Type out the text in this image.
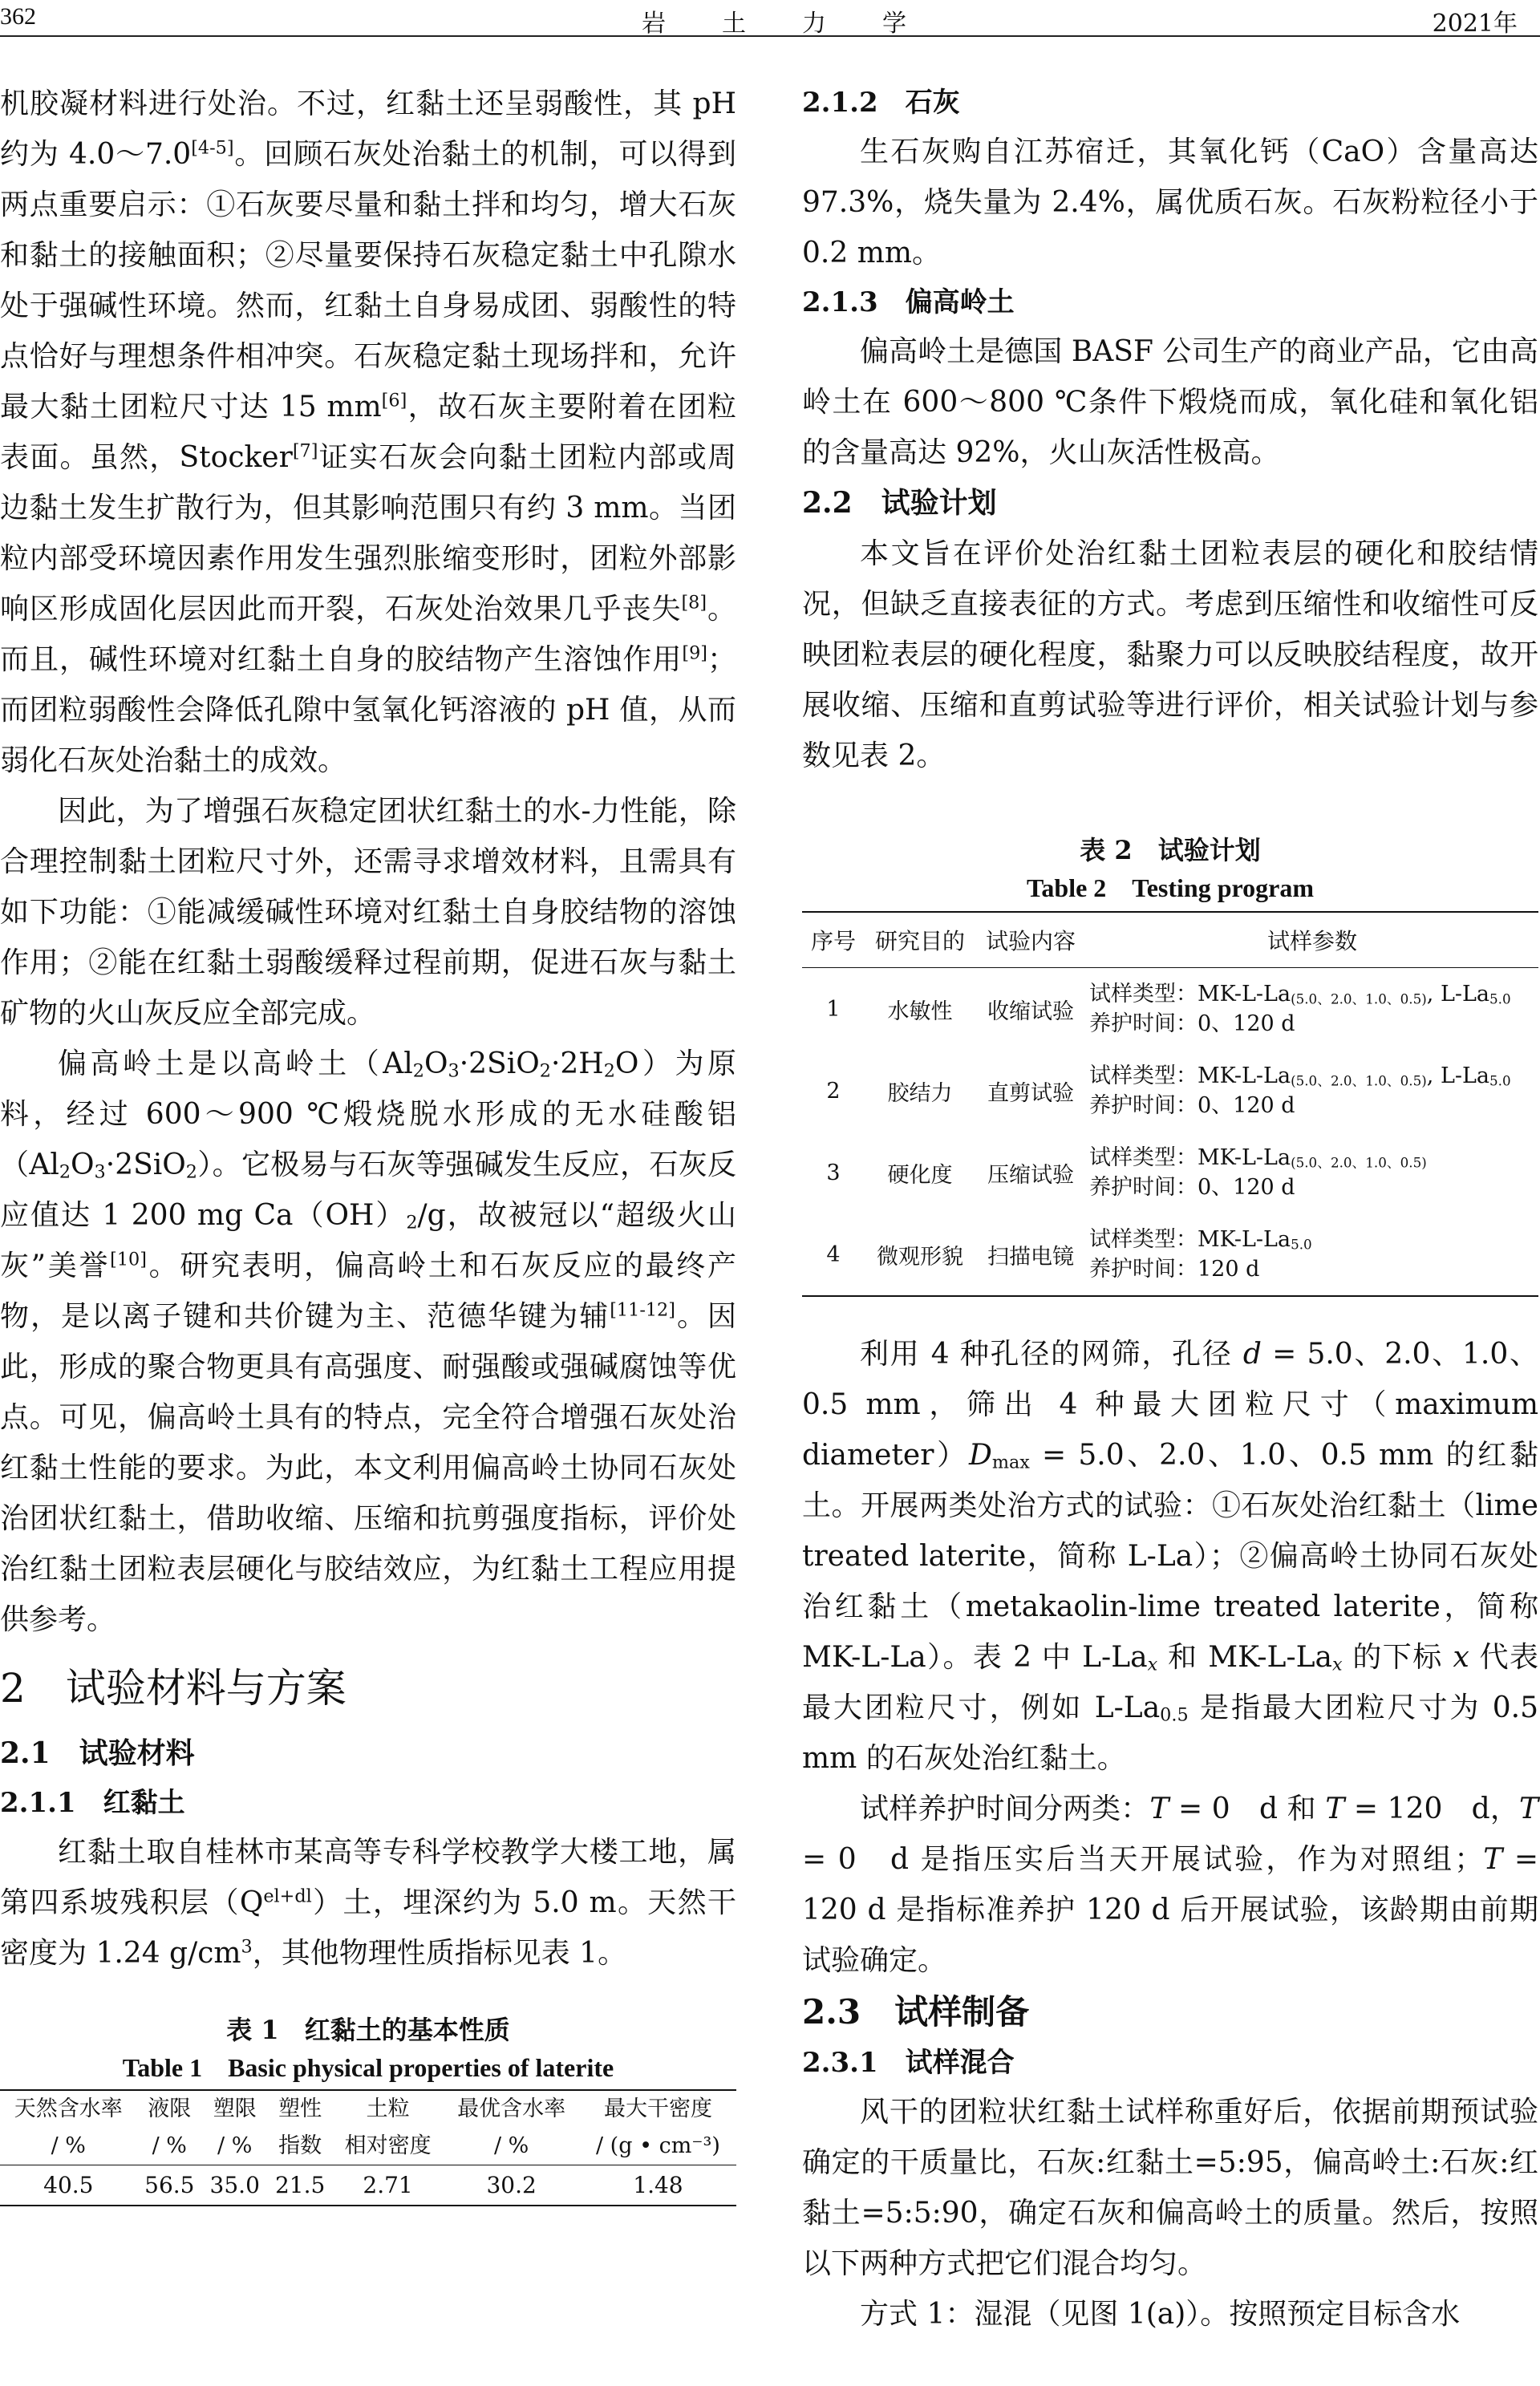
362	岩土力学	2021年

机胶凝材料进行处治。不过，红黏土还呈弱酸性，其 pH 约为 4.0～7.0[4-5]。回顾石灰处治黏土的机制，可以得到两点重要启示：①石灰要尽量和黏土拌和均匀，增大石灰和黏土的接触面积；②尽量要保持石灰稳定黏土中孔隙水处于强碱性环境。然而，红黏土自身易成团、弱酸性的特点恰好与理想条件相冲突。石灰稳定黏土现场拌和，允许最大黏土团粒尺寸达 15 mm[6]，故石灰主要附着在团粒表面。虽然，Stocker[7]证实石灰会向黏土团粒内部或周边黏土发生扩散行为，但其影响范围只有约 3 mm。当团粒内部受环境因素作用发生强烈胀缩变形时，团粒外部影响区形成固化层因此而开裂，石灰处治效果几乎丧失[8]。而且，碱性环境对红黏土自身的胶结物产生溶蚀作用[9]；而团粒弱酸性会降低孔隙中氢氧化钙溶液的 pH 值，从而弱化石灰处治黏土的成效。

因此，为了增强石灰稳定团状红黏土的水-力性能，除合理控制黏土团粒尺寸外，还需寻求增效材料，且需具有如下功能：①能减缓碱性环境对红黏土自身胶结物的溶蚀作用；②能在红黏土弱酸缓释过程前期，促进石灰与黏土矿物的火山灰反应全部完成。

偏高岭土是以高岭土$(Al_2O_3\cdot 2SiO_2\cdot 2H_2O)$为原料，经过 600～900 ℃煅烧脱水形成的无水硅酸铝$(Al_2O_3\cdot 2SiO_2)$。它极易与石灰等强碱发生反应，石灰反应值达 1 200 mg $Ca(OH)_2/g$，故被冠以“超级火山灰”美誉[10]。研究表明，偏高岭土和石灰反应的最终产物，是以离子键和共价键为主、范德华键为辅[11-12]。因此，形成的聚合物更具有高强度、耐强酸或强碱腐蚀等优点。可见，偏高岭土具有的特点，完全符合增强石灰处治红黏土性能的要求。为此，本文利用偏高岭土协同石灰处治团状红黏土，借助收缩、压缩和抗剪强度指标，评价处治红黏土团粒表层硬化与胶结效应，为红黏土工程应用提供参考。

2　试验材料与方案
2.1　试验材料
2.1.1　红黏土

红黏土取自桂林市某高等专科学校教学大楼工地，属第四系坡残积层$(Q^{el+dl})$土，埋深约为 5.0 m。天然干密度为 1.24 $g/cm^3$，其他物理性质指标见表 1。

表 1　红黏土的基本性质

Table 1　Basic physical properties of laterite

天然含水率	液限	塑限	塑性	土粒	最优含水率	最大干密度
/ %	/ %	/ %	指数	相对密度	/ %	/ (g • cm⁻³)
40.5	56.5	35.0	21.5	2.71	30.2	1.48
2.1.2　石灰

生石灰购自江苏宿迁，其氧化钙（CaO）含量高达 97.3%，烧失量为 2.4%，属优质石灰。石灰粉粒径小于 0.2 mm。

2.1.3　偏高岭土

偏高岭土是德国 BASF 公司生产的商业产品，它由高岭土在 600～800 ℃条件下煅烧而成，氧化硅和氧化铝的含量高达 92%，火山灰活性极高。

2.2　试验计划

本文旨在评价处治红黏土团粒表层的硬化和胶结情况，但缺乏直接表征的方式。考虑到压缩性和收缩性可反映团粒表层的硬化程度，黏聚力可以反映胶结程度，故开展收缩、压缩和直剪试验等进行评价，相关试验计划与参数见表 2。

表 2　试验计划

Table 2　Testing program

序号	研究目的	试验内容	试样参数
1	水敏性	收缩试验	试样类型：$MK-L-La_{(5.0、2.0、1.0、0.5)}$, $L-La_{5.0}$
养护时间：0、120 d

2	胶结力	直剪试验	试样类型：$MK-L-La_{(5.0、2.0、1.0、0.5)}$, $L-La_{5.0}$
养护时间：0、120 d

3	硬化度	压缩试验	试样类型：$MK-L-La_{(5.0、2.0、1.0、0.5)}$
养护时间：0、120 d

4	微观形貌	扫描电镜	试样类型：$MK-L-La_{5.0}$
养护时间：120 d

利用 4 种孔径的网筛，孔径 d = 5.0、2.0、1.0、0.5 mm，筛出 4 种最大团粒尺寸（maximum $diameter)D_{max} = 5.0$、2.0、1.0、0.5 mm 的红黏土。开展两类处治方式的试验：①石灰处治红黏土（lime treated laterite，简称 L-La）；②偏高岭土协同石灰处治红黏土（metakaolin-lime treated laterite，简称 MK-L-La）。表 2 中 $L-La_x$ 和 $MK-L-La_x$ 的下标 x 代表最大团粒尺寸，例如 $L-La_{0.5}$ 是指最大团粒尺寸为 0.5 mm 的石灰处治红黏土。

试样养护时间分两类：T = 0　d 和 T = 120　d，T = 0　d 是指压实后当天开展试验，作为对照组；T = 120 d 是指标准养护 120 d 后开展试验，该龄期由前期试验确定。

2.3　试样制备
2.3.1　试样混合

风干的团粒状红黏土试样称重好后，依据前期预试验确定的干质量比，石灰:红黏土=5:95，偏高岭土:石灰:红黏土=5:5:90，确定石灰和偏高岭土的质量。然后，按照以下两种方式把它们混合均匀。

方式 1：湿混（见图 1(a)）。按照预定目标含水
